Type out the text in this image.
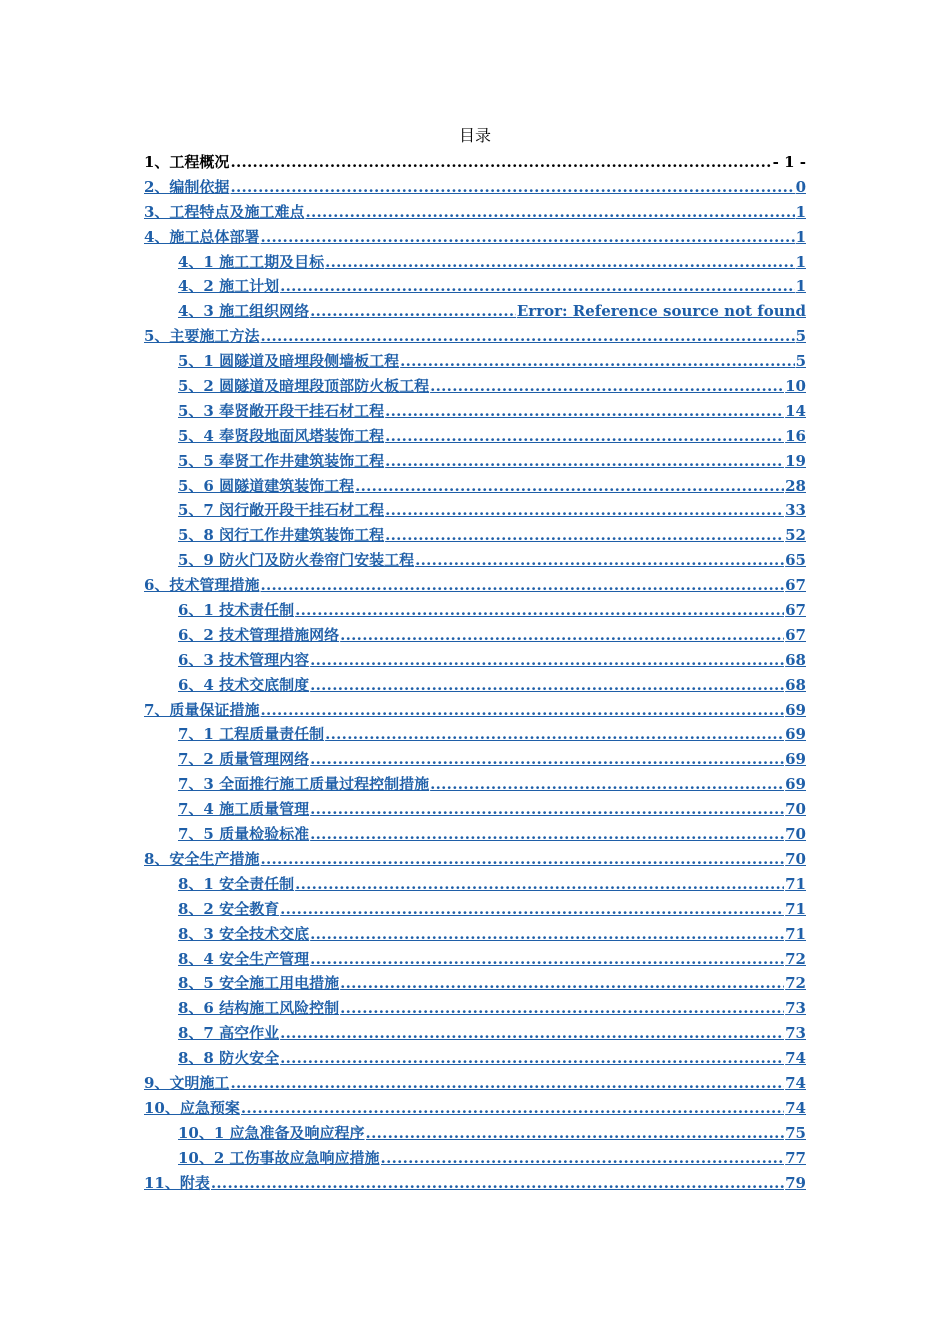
目录
1、工程概况 .....	- 1 -
2、编制依据 .....	0
3、工程特点及施工难点 .....	1
4、施工总体部署 .....	1
4、1 施工工期及目标 .....	1
4、2 施工计划 .....	1
4、3 施工组织网络 .....	Error: Reference source not found
5、主要施工方法 .....	5
5、1 圆隧道及暗埋段侧墙板工程 .....	5
5、2 圆隧道及暗埋段顶部防火板工程 .....	10
5、3 奉贤敞开段干挂石材工程 .....	14
5、4 奉贤段地面风塔装饰工程 .....	16
5、5 奉贤工作井建筑装饰工程 .....	19
5、6 圆隧道建筑装饰工程 .....	28
5、7 闵行敞开段干挂石材工程 .....	33
5、8 闵行工作井建筑装饰工程 .....	52
5、9 防火门及防火卷帘门安装工程 .....	65
6、技术管理措施 .....	67
6、1 技术责任制 .....	67
6、2 技术管理措施网络 .....	67
6、3 技术管理内容 .....	68
6、4 技术交底制度 .....	68
7、质量保证措施 .....	69
7、1 工程质量责任制 .....	69
7、2 质量管理网络 .....	69
7、3 全面推行施工质量过程控制措施 .....	69
7、4 施工质量管理 .....	70
7、5 质量检验标准 .....	70
8、安全生产措施 .....	70
8、1 安全责任制 .....	71
8、2 安全教育 .....	71
8、3 安全技术交底 .....	71
8、4 安全生产管理 .....	72
8、5 安全施工用电措施 .....	72
8、6 结构施工风险控制 .....	73
8、7 高空作业 .....	73
8、8 防火安全 .....	74
9、文明施工 .....	74
10、应急预案 .....	74
10、1 应急准备及响应程序 .....	75
10、2 工伤事故应急响应措施 .....	77
11、附表 .....	79
